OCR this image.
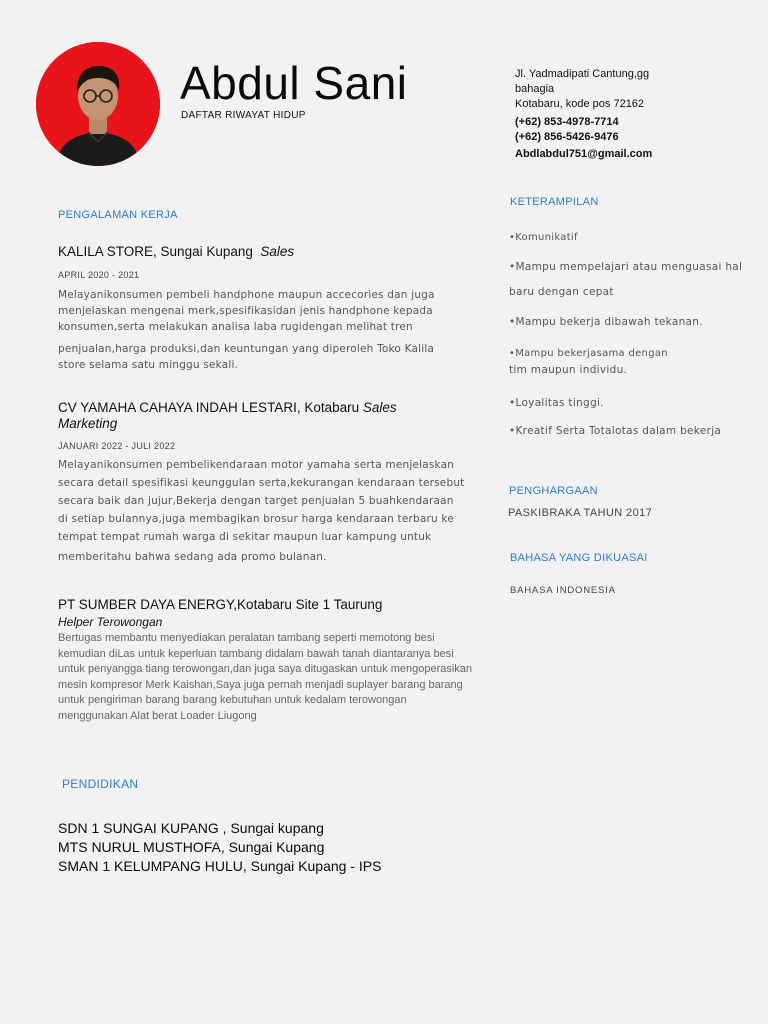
Abdul Sani
DAFTAR RIWAYAT HIDUP
Jl. Yadmadipati Cantung,gg
bahagia
Kotabaru, kode pos 72162
(+62) 853-4978-7714
(+62) 856-5426-9476
Abdlabdul751@gmail.com
PENGALAMAN KERJA
KALILA STORE, Sungai Kupang Sales
APRIL 2020 - 2021
Melayanikonsumen pembeli handphone maupun accecories dan juga
menjelaskan mengenai merk,spesifikasidan jenis handphone kepada
konsumen,serta melakukan analisa laba rugidengan melihat tren
penjualan,harga produksi,dan keuntungan yang diperoleh Toko Kalila
store selama satu minggu sekali.
CV YAMAHA CAHAYA INDAH LESTARI, Kotabaru Sales
Marketing
JANUARI 2022 - JULI 2022
Melayanikonsumen pembelikendaraan motor yamaha serta menjelaskan
secara detail spesifikasi keunggulan serta,kekurangan kendaraan tersebut
secara baik dan jujur,Bekerja dengan target penjualan 5 buahkendaraan
di setiap bulannya,juga membagikan brosur harga kendaraan terbaru ke
tempat tempat rumah warga di sekitar maupun luar kampung untuk
memberitahu bahwa sedang ada promo bulanan.
PT SUMBER DAYA ENERGY,Kotabaru Site 1 Taurung
Helper Terowongan
Bertugas membantu menyediakan peralatan tambang seperti memotong besi
kemudian diLas untuk keperluan tambang didalam bawah tanah diantaranya besi
untuk penyangga tiang terowongan,dan juga saya ditugaskan untuk mengoperasikan
mesin kompresor Merk Kaishan,Saya juga pernah menjadi suplayer barang barang
untuk pengiriman barang barang kebutuhan untuk kedalam terowongan
menggunakan Alat berat Loader Liugong
PENDIDIKAN
SDN 1 SUNGAI KUPANG , Sungai kupang
MTS NURUL MUSTHOFA, Sungai Kupang
SMAN 1 KELUMPANG HULU, Sungai Kupang - IPS
KETERAMPILAN
•Komunikatif
•Mampu mempelajari atau menguasai hal
baru dengan cepat
•Mampu bekerja dibawah tekanan.
•Mampu bekerjasama dengan
tim maupun individu.
•Loyalitas tinggi.
•Kreatif Serta Totalotas dalam bekerja
PENGHARGAAN
PASKIBRAKA TAHUN 2017
BAHASA YANG DIKUASAI
BAHASA INDONESIA
